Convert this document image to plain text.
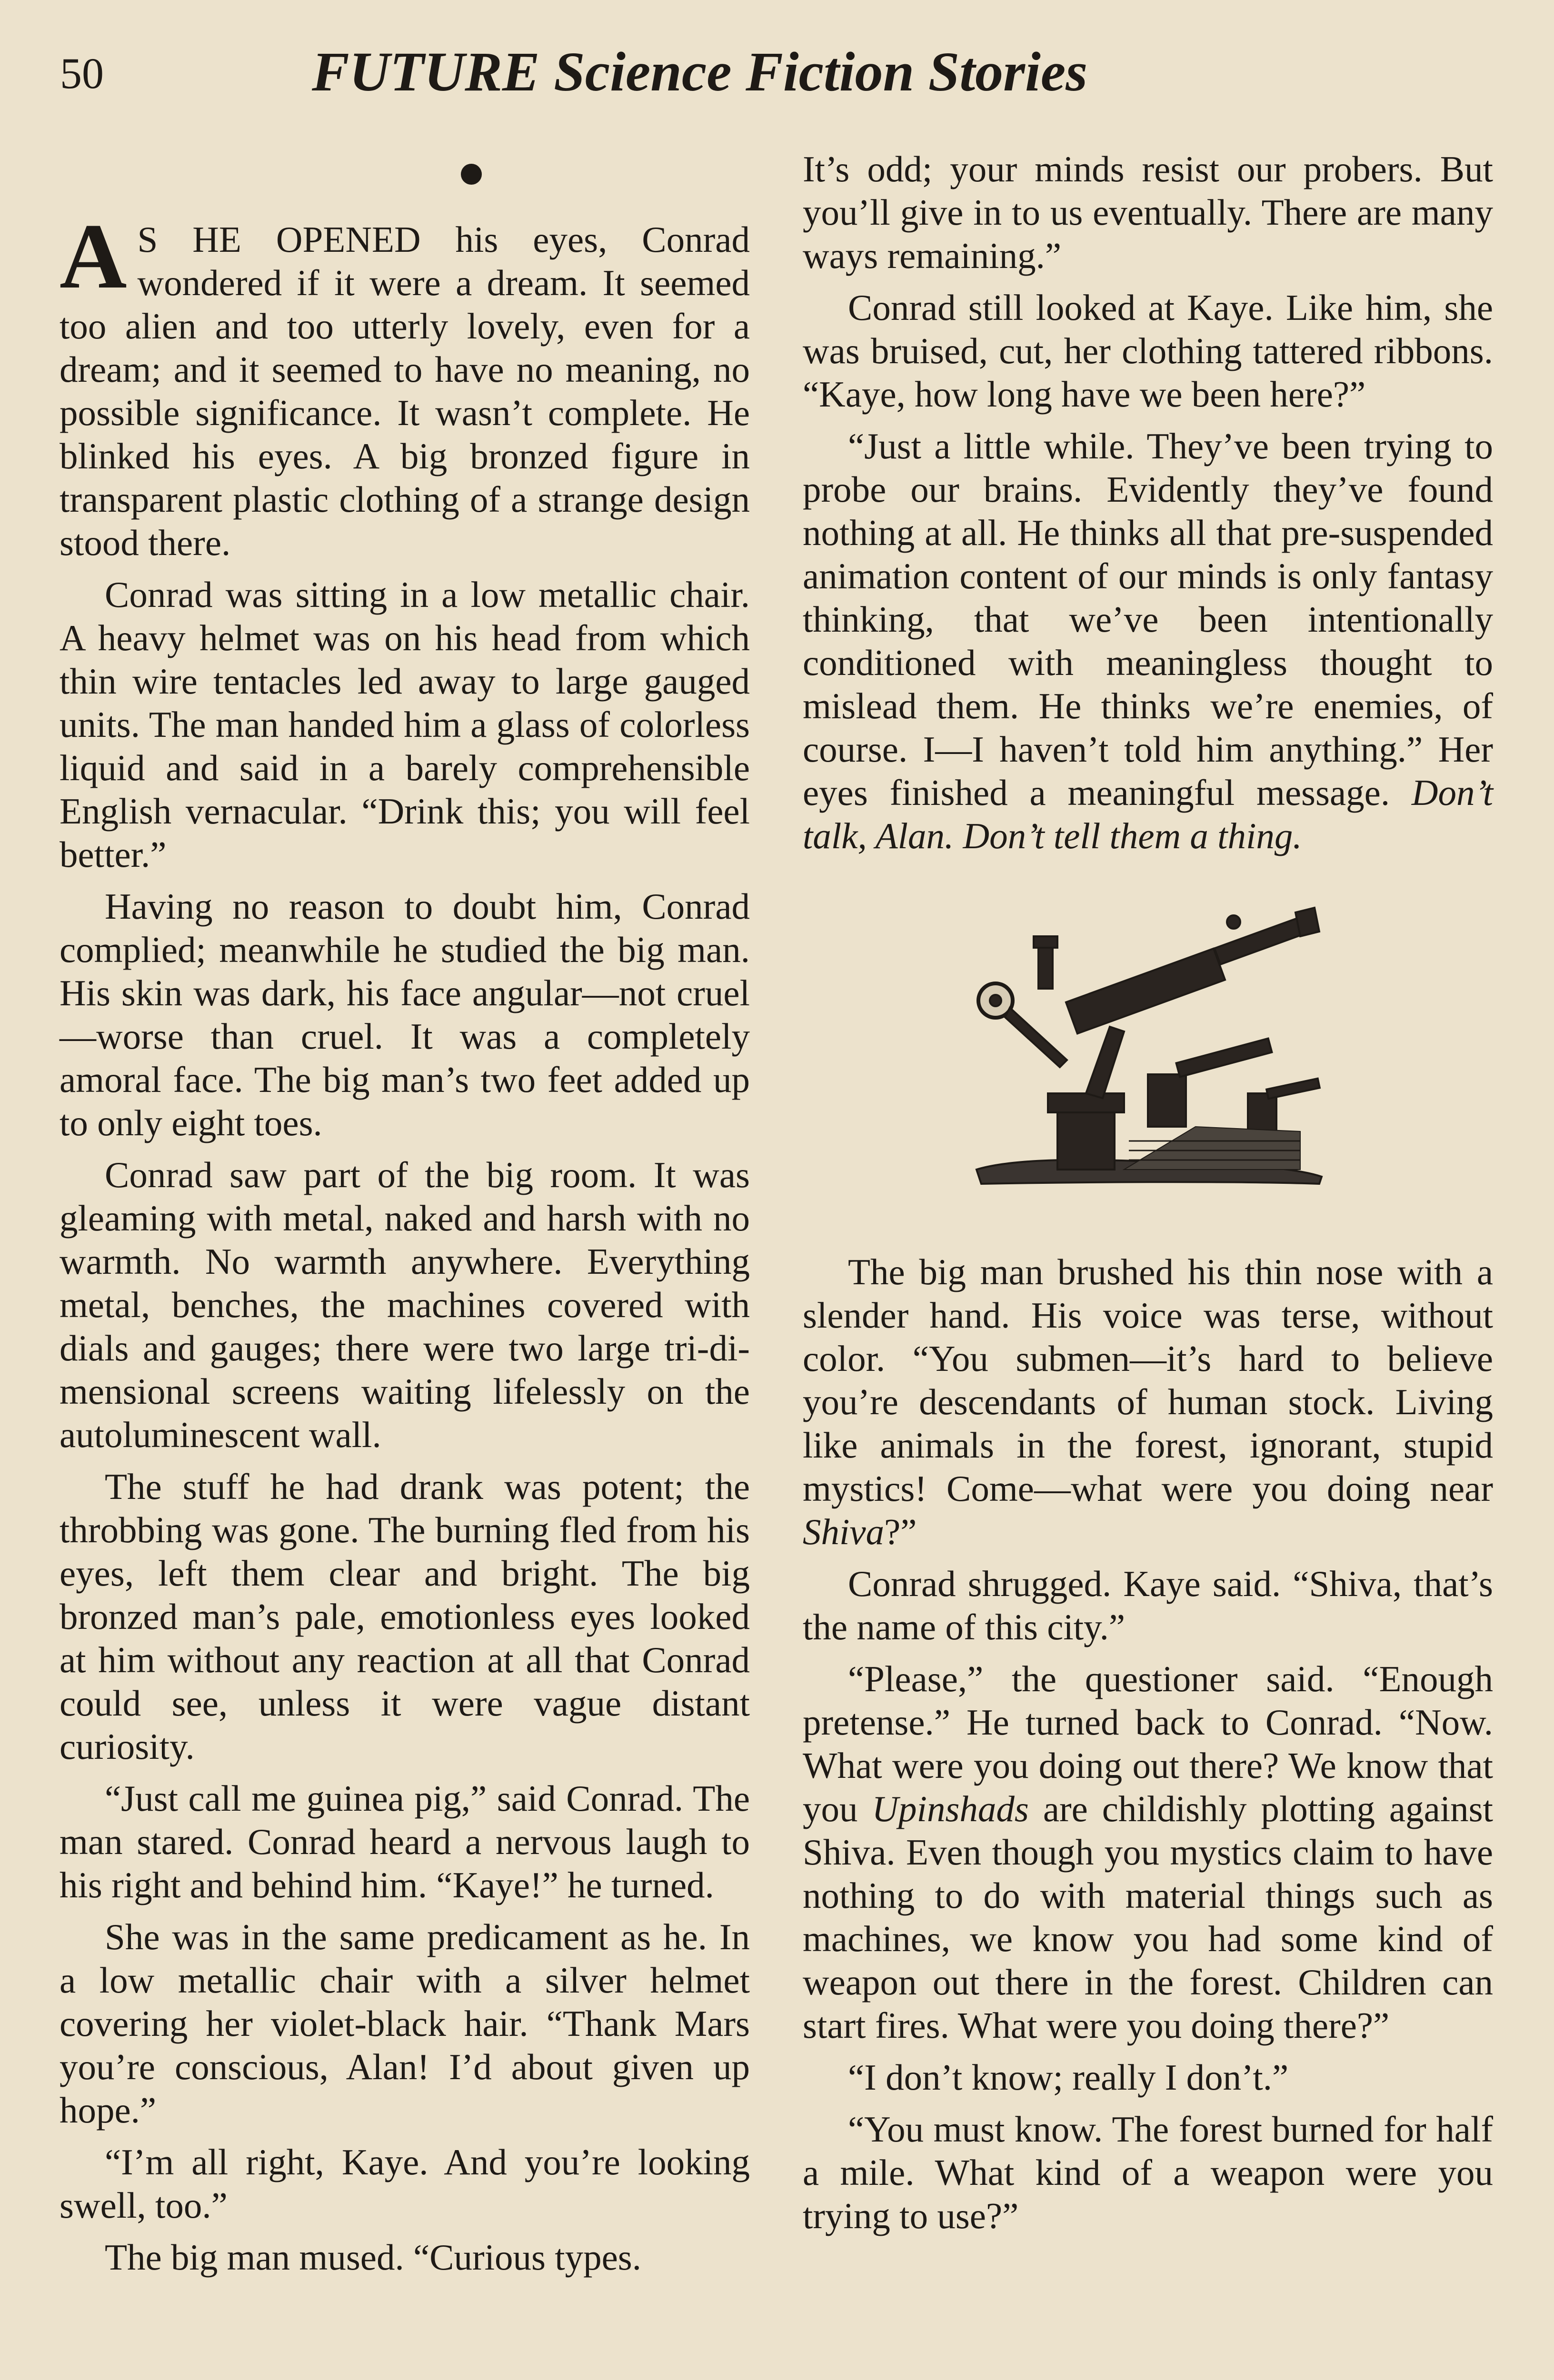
50	FUTURE Science Fiction Stories

A S HE OPENED his eyes, Conrad wondered if it were a dream. It seemed too alien and too utterly lovely, even for a dream; and it seemed to have no meaning, no possible significance. It wasn’t complete. He blinked his eyes. A big bronzed figure in transparent plastic clothing of a strange design stood there.

Conrad was sitting in a low metallic chair. A heavy helmet was on his head from which thin wire tentacles led away to large gauged units. The man handed him a glass of colorless liquid and said in a barely comprehensible English vernacular. “Drink this; you will feel better.”

Having no reason to doubt him, Conrad complied; meanwhile he studied the big man. His skin was dark, his face angular—not cruel—worse than cruel. It was a completely amoral face. The big man’s two feet added up to only eight toes.

Conrad saw part of the big room. It was gleaming with metal, naked and harsh with no warmth. No warmth anywhere. Everything metal, benches, the machines covered with dials and gauges; there were two large tri-dimensional screens waiting lifelessly on the autoluminescent wall.

The stuff he had drank was potent; the throbbing was gone. The burning fled from his eyes, left them clear and bright. The big bronzed man’s pale, emotionless eyes looked at him without any reaction at all that Conrad could see, unless it were vague distant curiosity.

“Just call me guinea pig,” said Conrad. The man stared. Conrad heard a nervous laugh to his right and behind him. “Kaye!” he turned.

She was in the same predicament as he. In a low metallic chair with a silver helmet covering her violet-black hair. “Thank Mars you’re conscious, Alan! I’d about given up hope.”

“I’m all right, Kaye. And you’re looking swell, too.”

The big man mused. “Curious types.

It’s odd; your minds resist our probers. But you’ll give in to us eventually. There are many ways remaining.”

Conrad still looked at Kaye. Like him, she was bruised, cut, her clothing tattered ribbons. “Kaye, how long have we been here?”

“Just a little while. They’ve been trying to probe our brains. Evidently they’ve found nothing at all. He thinks all that pre-suspended animation content of our minds is only fantasy thinking, that we’ve been intentionally conditioned with meaningless thought to mislead them. He thinks we’re enemies, of course. I—I haven’t told him anything.” Her eyes finished a meaningful message. Don’t talk, Alan. Don’t tell them a thing.

The big man brushed his thin nose with a slender hand. His voice was terse, without color. “You submen—it’s hard to believe you’re descendants of human stock. Living like animals in the forest, ignorant, stupid mystics! Come—what were you doing near Shiva?”

Conrad shrugged. Kaye said. “Shiva, that’s the name of this city.”

“Please,” the questioner said. “Enough pretense.” He turned back to Conrad. “Now. What were you doing out there? We know that you Upinshads are childishly plotting against Shiva. Even though you mystics claim to have nothing to do with material things such as machines, we know you had some kind of weapon out there in the forest. Children can start fires. What were you doing there?”

“I don’t know; really I don’t.”

“You must know. The forest burned for half a mile. What kind of a weapon were you trying to use?”
